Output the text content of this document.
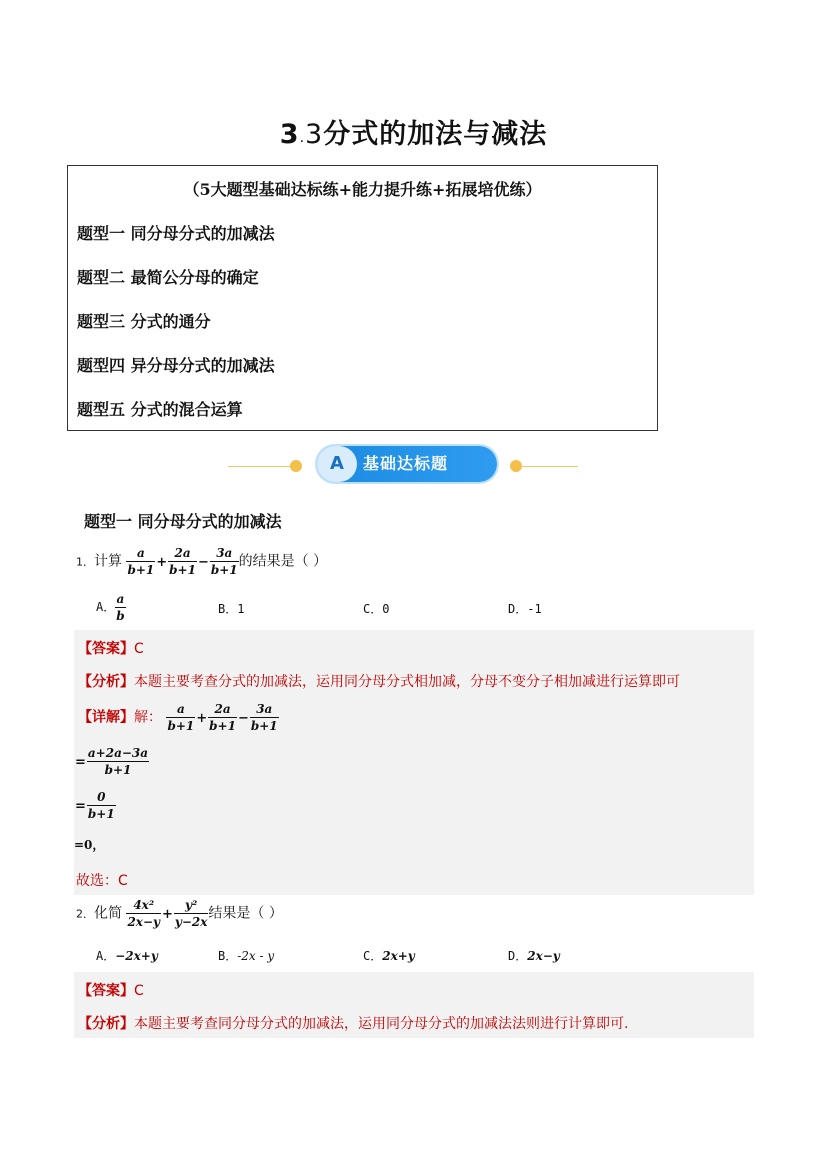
3.3分式的加法与减法
（5大题型基础达标练+能力提升练+拓展培优练）
题型一 同分母分式的加减法
题型二 最简公分母的确定
题型三 分式的通分
题型四 异分母分式的加减法
题型五 分式的混合运算
A	基础达标题
题型一 同分母分式的加减法
1．计算 $\frac{a}{b+1} + \frac{2a}{b+1} - \frac{3a}{b+1}$ 的结果是（ ）
A． $\frac{a}{b}$	B．1	C．0	D．-1
【答案】C
【分析】本题主要考查分式的加减法，运用同分母分式相加减，分母不变分子相加减进行运算即可
【详解】解： $\frac{a}{b+1} + \frac{2a}{b+1} - \frac{3a}{b+1}$
= $\frac{a+2a-3a}{b+1}$
= $\frac{0}{b+1}$
=0，
故选：C
2．化简 $\frac{\text{4x²}}{2x-y} + \frac{\text{y²}}{y-2x}$ 结果是（ ）
A．−2x+y	B．-2x - y	C．2x+y	D．2x−y
【答案】C
【分析】本题主要考查同分母分式的加减法，运用同分母分式的加减法法则进行计算即可.
